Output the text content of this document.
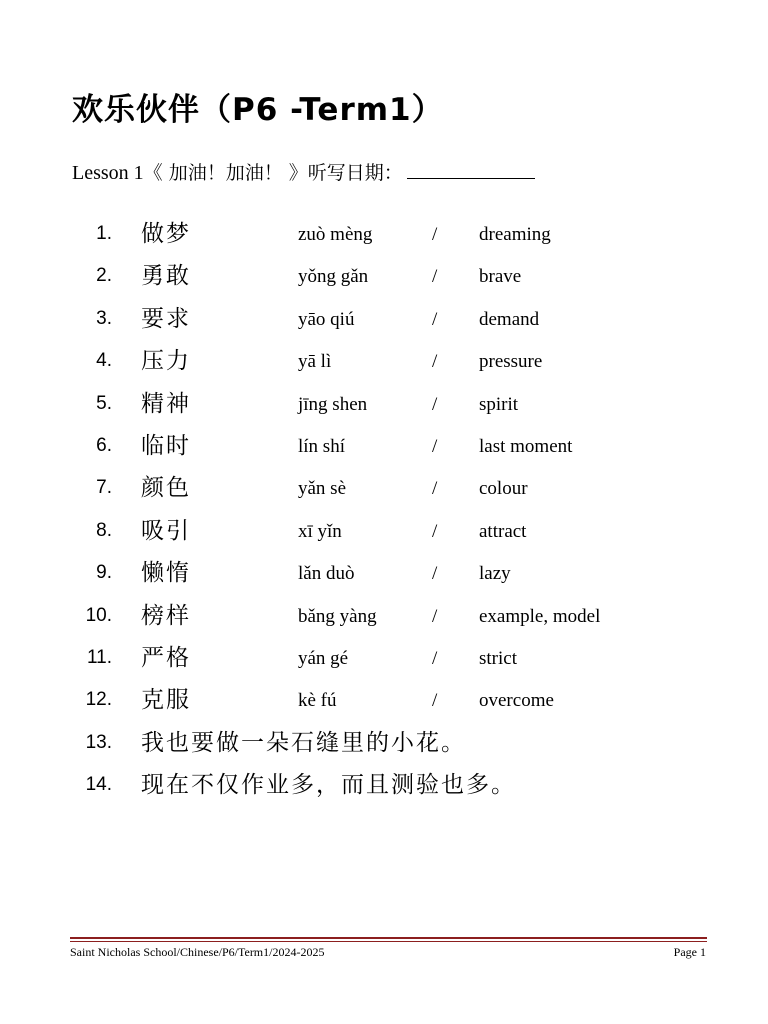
欢乐伙伴（P6 -Term1）
Lesson 1《 加油！加油！ 》听写日期：
1. 做梦	zuò mèng	/ dreaming
2. 勇敢	yǒng gǎn	/ brave
3. 要求	yāo qiú	/ demand
4. 压力	yā lì	/ pressure
5. 精神	jīng shen	/ spirit
6. 临时	lín shí	/ last moment
7. 颜色	yǎn sè	/ colour
8. 吸引	xī yǐn	/ attract
9. 懒惰	lǎn duò	/ lazy
10. 榜样	bǎng yàng	/ example, model
11. 严格	yán gé	/ strict
12. 克服	kè fú	/ overcome
13. 我也要做一朵石缝里的小花。
14. 现在不仅作业多，而且测验也多。
Saint Nicholas School/Chinese/P6/Term1/2024-2025	Page 1
